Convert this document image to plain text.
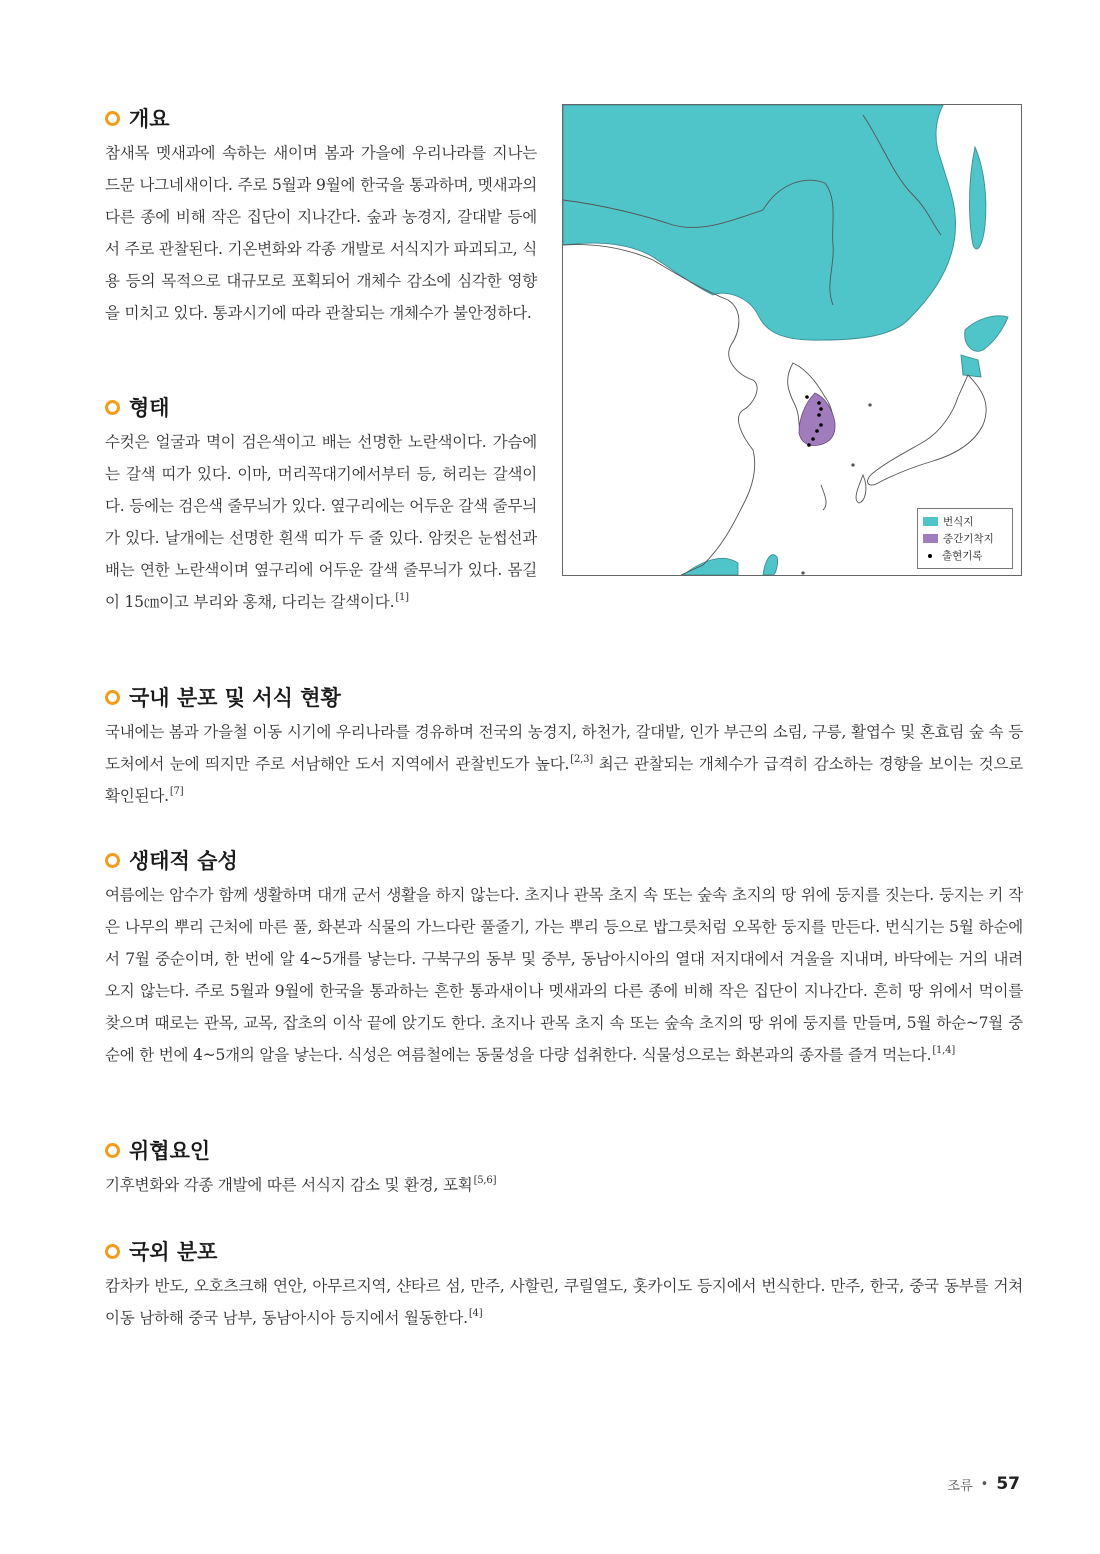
개요

참새목 멧새과에 속하는 새이며 봄과 가을에 우리나라를 지나는 드문 나그네새이다. 주로 5월과 9월에 한국을 통과하며, 멧새과의 다른 종에 비해 작은 집단이 지나간다. 숲과 농경지, 갈대밭 등에서 주로 관찰된다. 기온변화와 각종 개발로 서식지가 파괴되고, 식용 등의 목적으로 대규모로 포획되어 개체수 감소에 심각한 영향을 미치고 있다. 통과시기에 따라 관찰되는 개체수가 불안정하다.

형태

수컷은 얼굴과 멱이 검은색이고 배는 선명한 노란색이다. 가슴에는 갈색 띠가 있다. 이마, 머리꼭대기에서부터 등, 허리는 갈색이다. 등에는 검은색 줄무늬가 있다. 옆구리에는 어두운 갈색 줄무늬가 있다. 날개에는 선명한 흰색 띠가 두 줄 있다. 암컷은 눈썹선과 배는 연한 노란색이며 옆구리에 어두운 갈색 줄무늬가 있다. 몸길이 15㎝이고 부리와 홍채, 다리는 갈색이다.[1]

번식지
중간기착지
출현기록
국내 분포 및 서식 현황

국내에는 봄과 가을철 이동 시기에 우리나라를 경유하며 전국의 농경지, 하천가, 갈대밭, 인가 부근의 소림, 구릉, 활엽수 및 혼효림 숲 속 등 도처에서 눈에 띄지만 주로 서남해안 도서 지역에서 관찰빈도가 높다.[2,3] 최근 관찰되는 개체수가 급격히 감소하는 경향을 보이는 것으로 확인된다.[7]

생태적 습성

여름에는 암수가 함께 생활하며 대개 군서 생활을 하지 않는다. 초지나 관목 초지 속 또는 숲속 초지의 땅 위에 둥지를 짓는다. 둥지는 키 작은 나무의 뿌리 근처에 마른 풀, 화본과 식물의 가느다란 풀줄기, 가는 뿌리 등으로 밥그릇처럼 오목한 둥지를 만든다. 번식기는 5월 하순에서 7월 중순이며, 한 번에 알 4~5개를 낳는다. 구북구의 동부 및 중부, 동남아시아의 열대 저지대에서 겨울을 지내며, 바닥에는 거의 내려오지 않는다. 주로 5월과 9월에 한국을 통과하는 흔한 통과새이나 멧새과의 다른 종에 비해 작은 집단이 지나간다. 흔히 땅 위에서 먹이를 찾으며 때로는 관목, 교목, 잡초의 이삭 끝에 앉기도 한다. 초지나 관목 초지 속 또는 숲속 초지의 땅 위에 둥지를 만들며, 5월 하순~7월 중순에 한 번에 4~5개의 알을 낳는다. 식성은 여름철에는 동물성을 다량 섭취한다. 식물성으로는 화본과의 종자를 즐겨 먹는다.[1,4]

위협요인

기후변화와 각종 개발에 따른 서식지 감소 및 환경, 포획[5,6]

국외 분포

캄차카 반도, 오호츠크해 연안, 아무르지역, 샨타르 섬, 만주, 사할린, 쿠릴열도, 홋카이도 등지에서 번식한다. 만주, 한국, 중국 동부를 거쳐 이동 남하해 중국 남부, 동남아시아 등지에서 월동한다.[4]

조류 • 57
